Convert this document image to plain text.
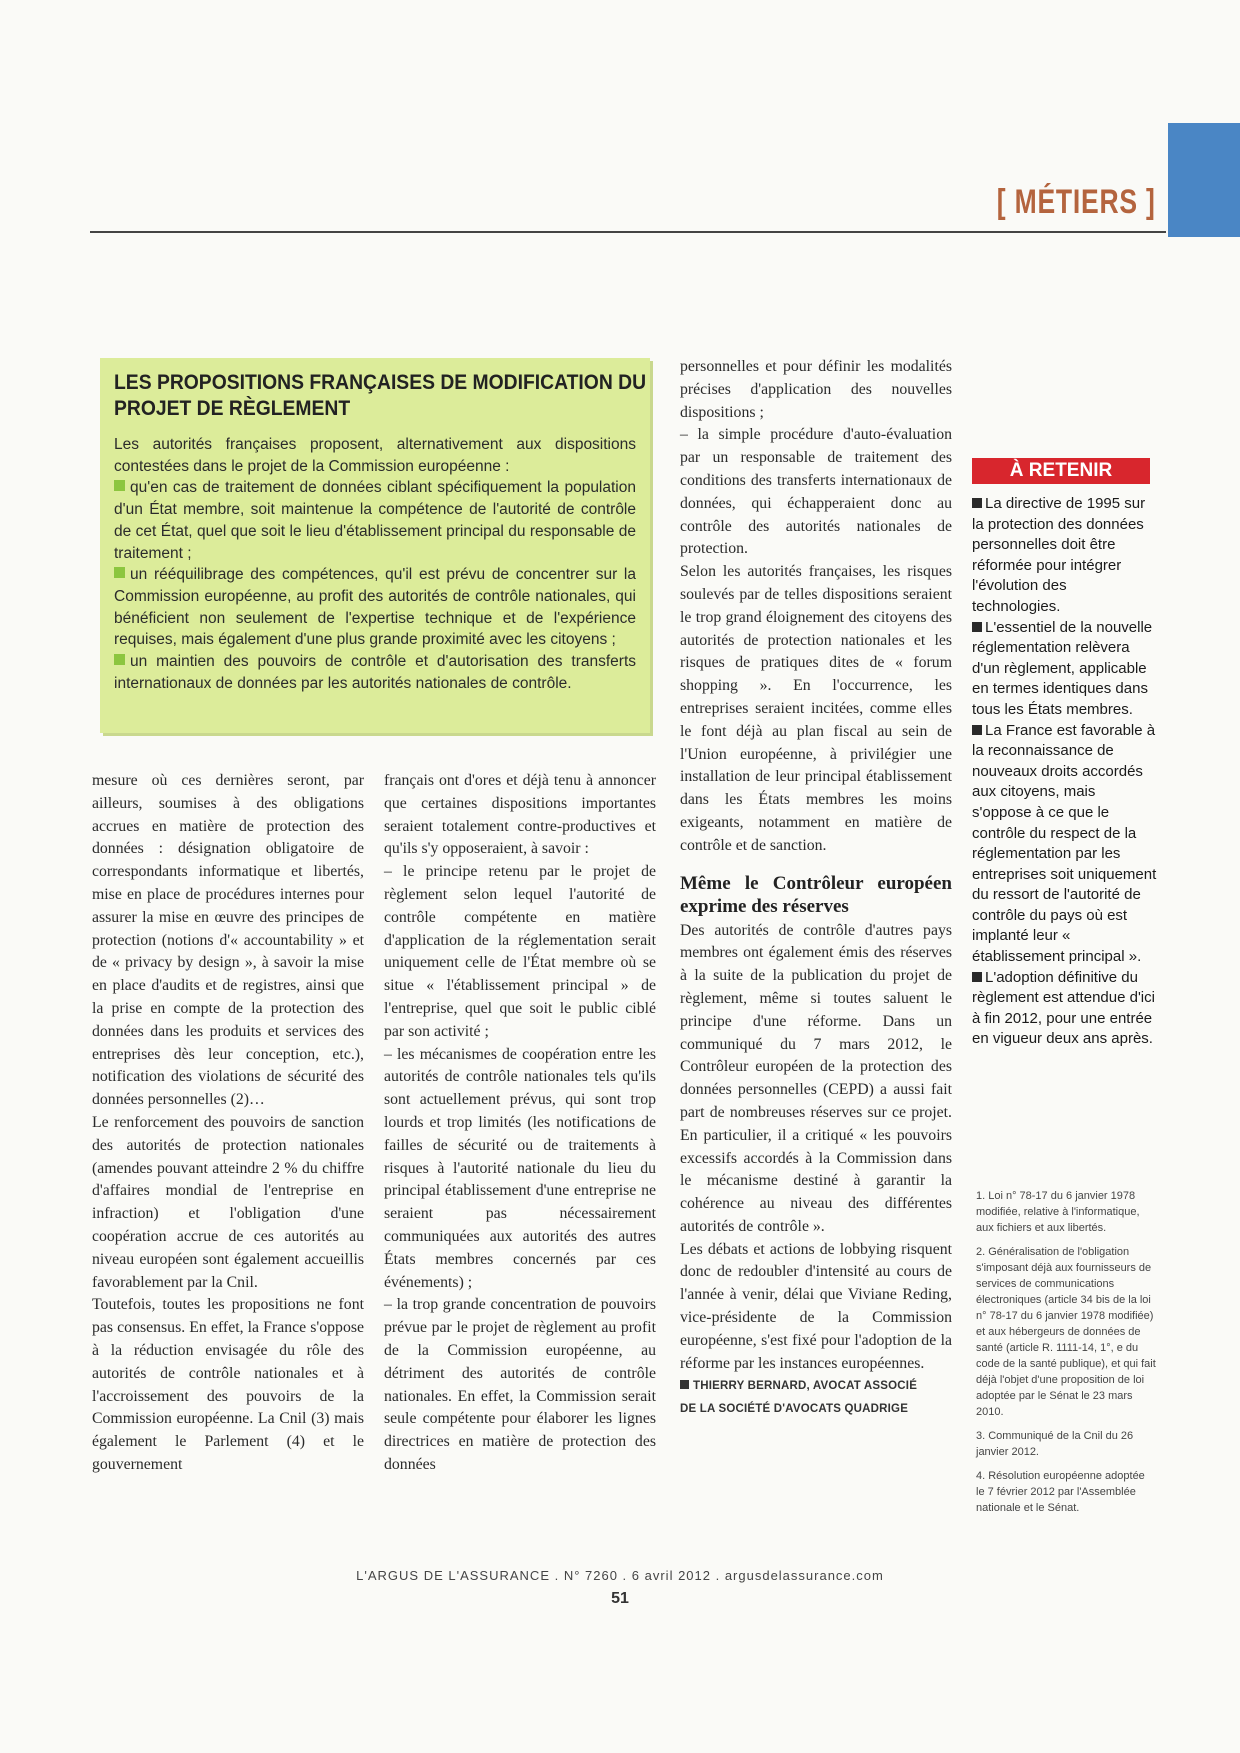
[ MÉTIERS ]
LES PROPOSITIONS FRANÇAISES DE MODIFICATION DU PROJET DE RÈGLEMENT
Les autorités françaises proposent, alternativement aux dispositions contestées dans le projet de la Commission européenne :
qu'en cas de traitement de données ciblant spécifiquement la population d'un État membre, soit maintenue la compétence de l'autorité de contrôle de cet État, quel que soit le lieu d'établissement principal du responsable de traitement ;
un rééquilibrage des compétences, qu'il est prévu de concentrer sur la Commission européenne, au profit des autorités de contrôle nationales, qui bénéficient non seulement de l'expertise technique et de l'expérience requises, mais également d'une plus grande proximité avec les citoyens ;
un maintien des pouvoirs de contrôle et d'autorisation des transferts internationaux de données par les autorités nationales de contrôle.

mesure où ces dernières seront, par ailleurs, soumises à des obligations accrues en matière de protection des données : désignation obligatoire de correspondants informatique et libertés, mise en place de procédures internes pour assurer la mise en œuvre des principes de protection (notions d'« accountability » et de « privacy by design », à savoir la mise en place d'audits et de registres, ainsi que la prise en compte de la protection des données dans les produits et services des entreprises dès leur conception, etc.), notification des violations de sécurité des données personnelles (2)…

Le renforcement des pouvoirs de sanction des autorités de protection nationales (amendes pouvant atteindre 2 % du chiffre d'affaires mondial de l'entreprise en infraction) et l'obligation d'une coopération accrue de ces autorités au niveau européen sont également accueillis favorablement par la Cnil.

Toutefois, toutes les propositions ne font pas consensus. En effet, la France s'oppose à la réduction envisagée du rôle des autorités de contrôle nationales et à l'accroissement des pouvoirs de la Commission européenne. La Cnil (3) mais également le Parlement (4) et le gouvernement

français ont d'ores et déjà tenu à annoncer que certaines dispositions importantes seraient totalement contre-productives et qu'ils s'y opposeraient, à savoir :

– le principe retenu par le projet de règlement selon lequel l'autorité de contrôle compétente en matière d'application de la réglementation serait uniquement celle de l'État membre où se situe « l'établissement principal » de l'entreprise, quel que soit le public ciblé par son activité ;

– les mécanismes de coopération entre les autorités de contrôle nationales tels qu'ils sont actuellement prévus, qui sont trop lourds et trop limités (les notifications de failles de sécurité ou de traitements à risques à l'autorité nationale du lieu du principal établissement d'une entreprise ne seraient pas nécessairement communiquées aux autorités des autres États membres concernés par ces événements) ;

– la trop grande concentration de pouvoirs prévue par le projet de règlement au profit de la Commission européenne, au détriment des autorités de contrôle nationales. En effet, la Commission serait seule compétente pour élaborer les lignes directrices en matière de protection des données

personnelles et pour définir les modalités précises d'application des nouvelles dispositions ;

– la simple procédure d'auto-évaluation par un responsable de traitement des conditions des transferts internationaux de données, qui échapperaient donc au contrôle des autorités nationales de protection.

Selon les autorités françaises, les risques soulevés par de telles dispositions seraient le trop grand éloignement des citoyens des autorités de protection nationales et les risques de pratiques dites de « forum shopping ». En l'occurrence, les entreprises seraient incitées, comme elles le font déjà au plan fiscal au sein de l'Union européenne, à privilégier une installation de leur principal établissement dans les États membres les moins exigeants, notamment en matière de contrôle et de sanction.

Même le Contrôleur européen exprime des réserves

Des autorités de contrôle d'autres pays membres ont également émis des réserves à la suite de la publication du projet de règlement, même si toutes saluent le principe d'une réforme. Dans un communiqué du 7 mars 2012, le Contrôleur européen de la protection des données personnelles (CEPD) a aussi fait part de nombreuses réserves sur ce projet. En particulier, il a critiqué « les pouvoirs excessifs accordés à la Commission dans le mécanisme destiné à garantir la cohérence au niveau des différentes autorités de contrôle ».

Les débats et actions de lobbying risquent donc de redoubler d'intensité au cours de l'année à venir, délai que Viviane Reding, vice-présidente de la Commission européenne, s'est fixé pour l'adoption de la réforme par les instances européennes.

THIERRY BERNARD, AVOCAT ASSOCIÉ
DE LA SOCIÉTÉ D'AVOCATS QUADRIGE
À RETENIR

La directive de 1995 sur la protection des données personnelles doit être réformée pour intégrer l'évolution des technologies.

L'essentiel de la nouvelle réglementation relèvera d'un règlement, applicable en termes identiques dans tous les États membres.

La France est favorable à la reconnaissance de nouveaux droits accordés aux citoyens, mais s'oppose à ce que le contrôle du respect de la réglementation par les entreprises soit uniquement du ressort de l'autorité de contrôle du pays où est implanté leur « établissement principal ».

L'adoption définitive du règlement est attendue d'ici à fin 2012, pour une entrée en vigueur deux ans après.

1. Loi n° 78-17 du 6 janvier 1978 modifiée, relative à l'informatique, aux fichiers et aux libertés.

2. Généralisation de l'obligation s'imposant déjà aux fournisseurs de services de communications électroniques (article 34 bis de la loi n° 78-17 du 6 janvier 1978 modifiée) et aux hébergeurs de données de santé (article R. 1111-14, 1°, e du code de la santé publique), et qui fait déjà l'objet d'une proposition de loi adoptée par le Sénat le 23 mars 2010.

3. Communiqué de la Cnil du 26 janvier 2012.

4. Résolution européenne adoptée le 7 février 2012 par l'Assemblée nationale et le Sénat.

L'ARGUS DE L'ASSURANCE . N° 7260 . 6 avril 2012 . argusdelassurance.com
51
